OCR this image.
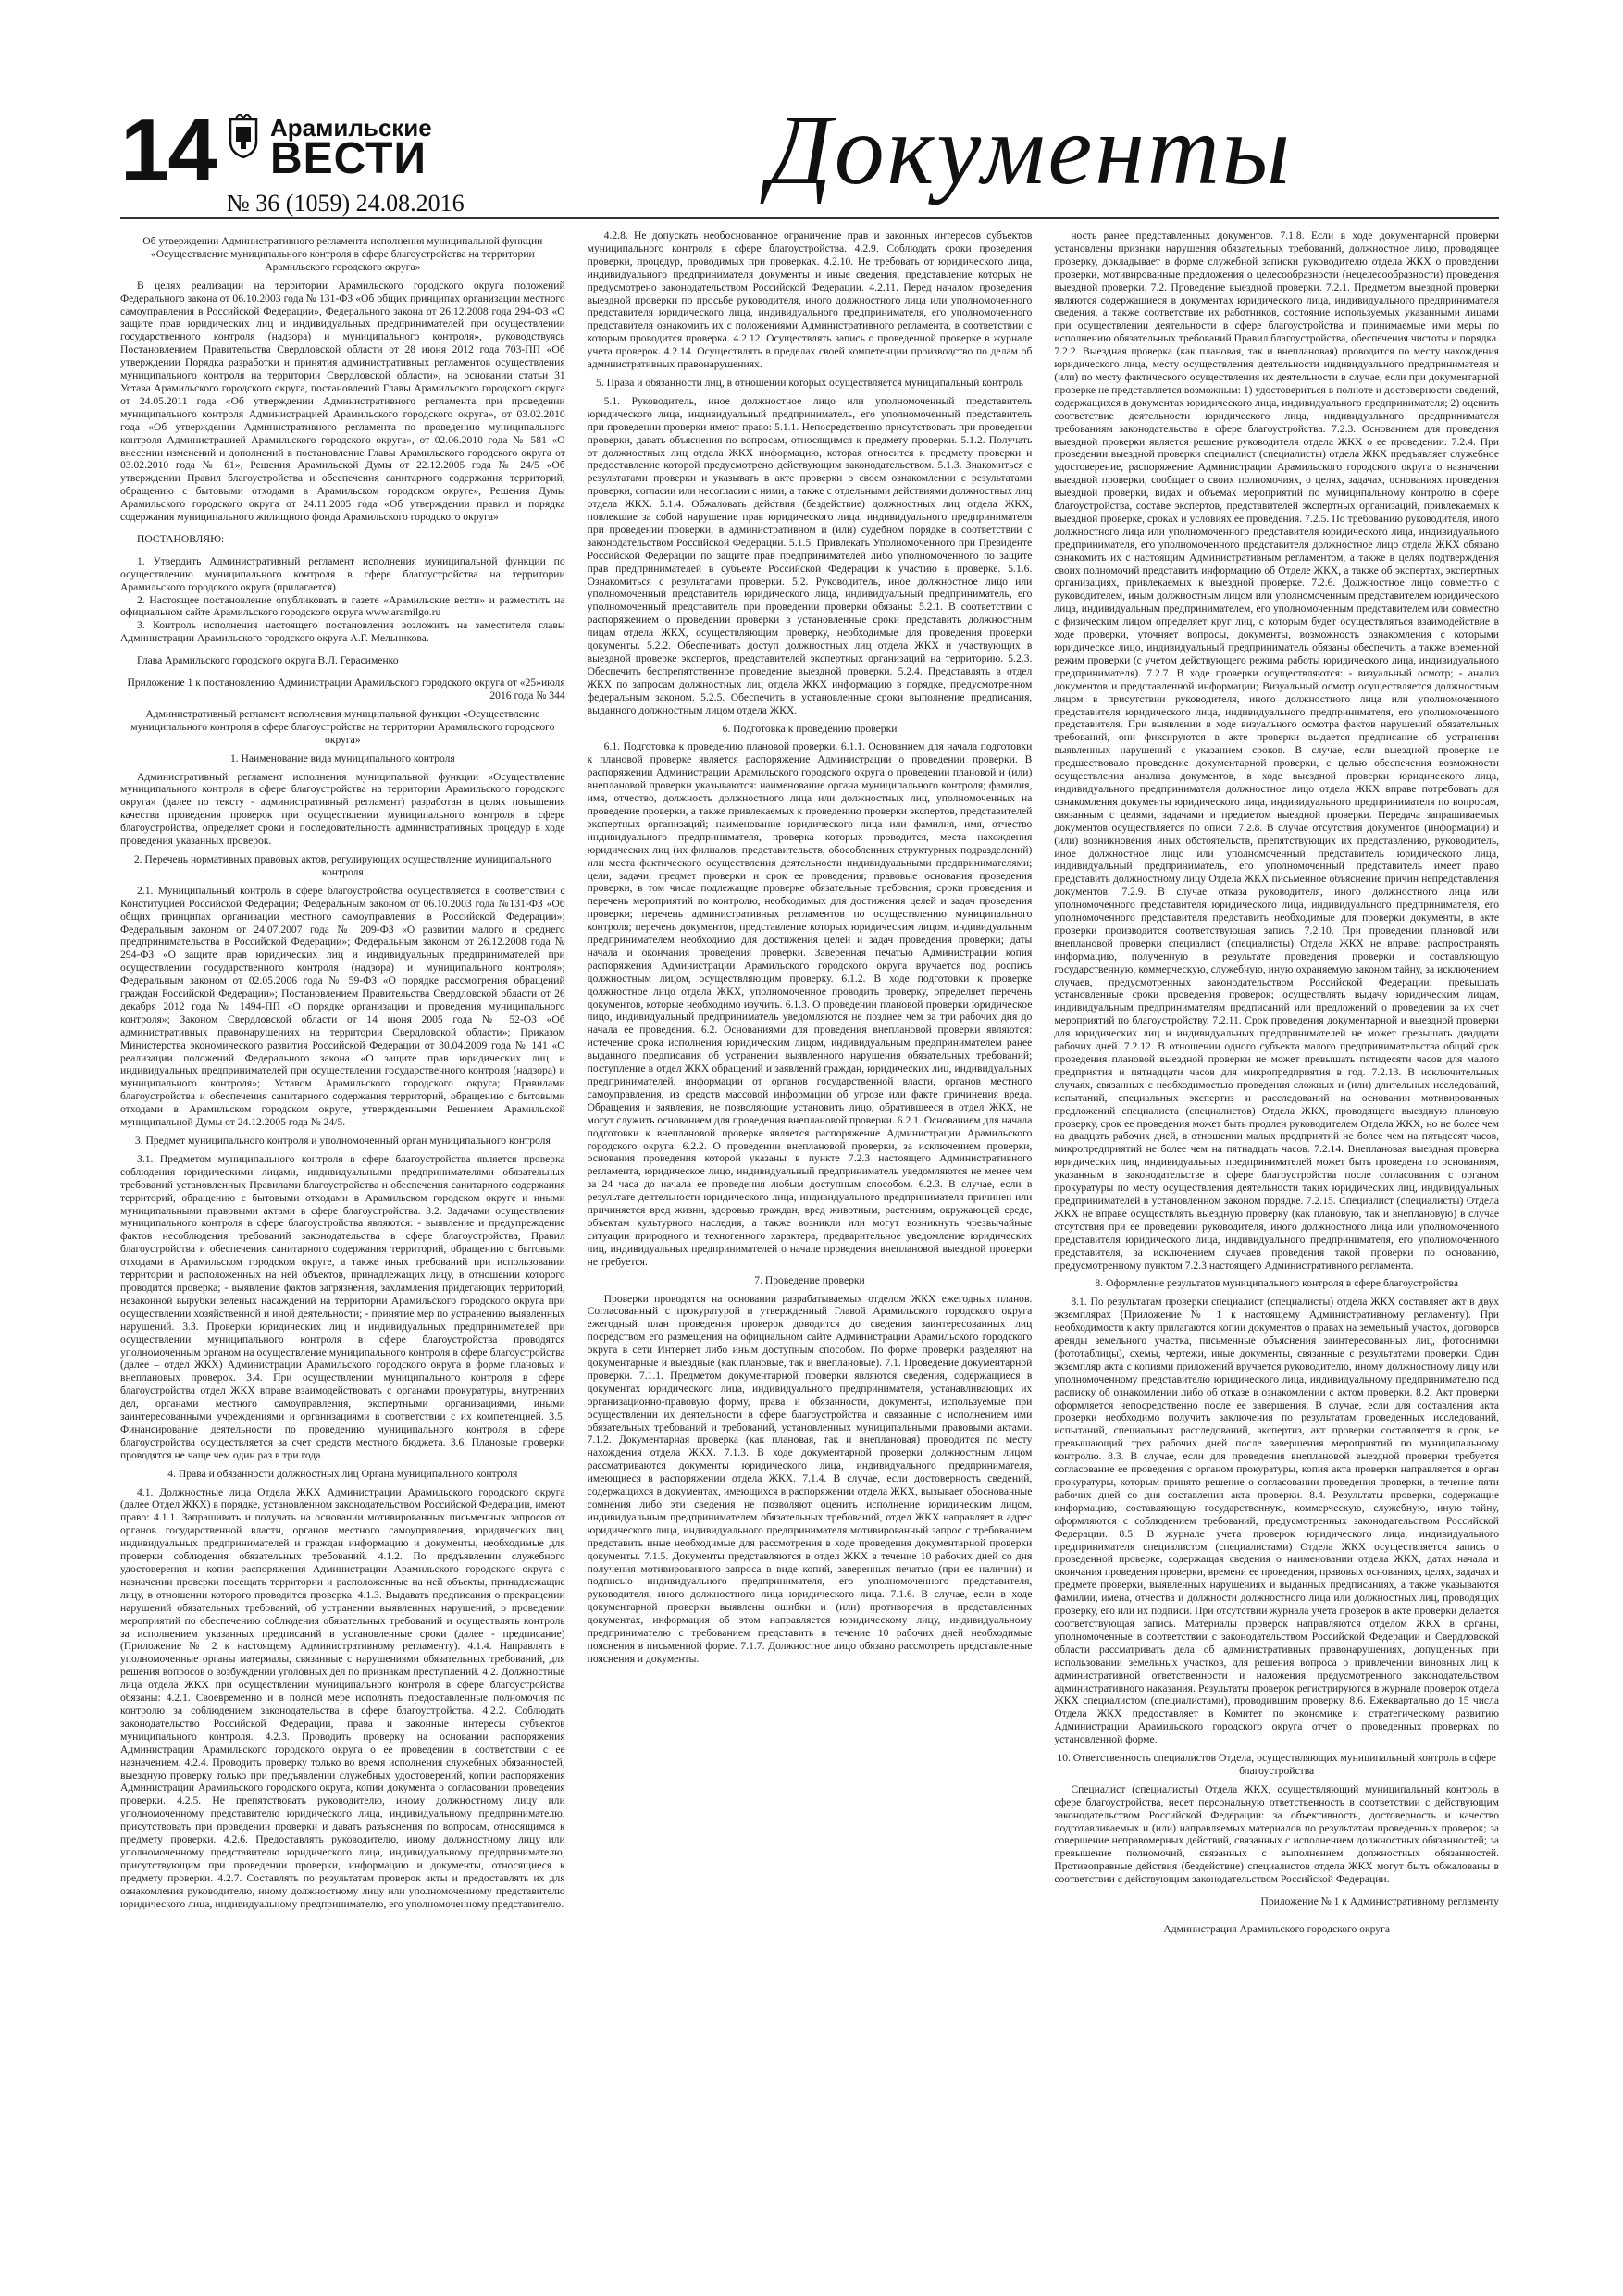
14 Арамильские
ВЕСТИ
№ 36 (1059) 24.08.2016	Документы

Об утверждении Административного регламента исполнения муниципальной функции «Осуществление муниципального контроля в сфере благоустройства на территории Арамильского городского округа»

В целях реализации на территории Арамильского городского округа положений Федерального закона от 06.10.2003 года № 131-ФЗ «Об общих принципах организации местного самоуправления в Российской Федерации», Федерального закона от 26.12.2008 года 294-ФЗ «О защите прав юридических лиц и индивидуальных предпринимателей при осуществлении государственного контроля (надзора) и муниципального контроля», руководствуясь Постановлением Правительства Свердловской области от 28 июня 2012 года 703-ПП «Об утверждении Порядка разработки и принятия административных регламентов осуществления муниципального контроля на территории Свердловской области», на основании статьи 31 Устава Арамильского городского округа, постановлений Главы Арамильского городского округа от 24.05.2011 года «Об утверждении Административного регламента при проведении муниципального контроля Администрацией Арамильского городского округа», от 03.02.2010 года «Об утверждении Административного регламента по проведению муниципального контроля Администрацией Арамильского городского округа», от 02.06.2010 года № 581 «О внесении изменений и дополнений в постановление Главы Арамильского городского округа от 03.02.2010 года № 61», Решения Арамильской Думы от 22.12.2005 года № 24/5 «Об утверждении Правил благоустройства и обеспечения санитарного содержания территорий, обращению с бытовыми отходами в Арамильском городском округе», Решения Думы Арамильского городского округа от 24.11.2005 года «Об утверждении правил и порядка содержания муниципального жилищного фонда Арамильского городского округа»

ПОСТАНОВЛЯЮ:

1. Утвердить Административный регламент исполнения муниципальной функции по осуществлению муниципального контроля в сфере благоустройства на территории Арамильского городского округа (прилагается).

2. Настоящее постановление опубликовать в газете «Арамильские вести» и разместить на официальном сайте Арамильского городского округа www.aramilgo.ru

3. Контроль исполнения настоящего постановления возложить на заместителя главы Администрации Арамильского городского округа А.Г. Мельникова.

Глава Арамильского городского округа В.Л. Герасименко

Приложение 1 к постановлению Администрации Арамильского городского округа от «25»июля 2016 года № 344

Административный регламент исполнения муниципальной функции «Осуществление муниципального контроля в сфере благоустройства на территории Арамильского городского округа»

1. Наименование вида муниципального контроля

Административный регламент исполнения муниципальной функции «Осуществление муниципального контроля в сфере благоустройства на территории Арамильского городского округа» (далее по тексту - административный регламент) разработан в целях повышения качества проведения проверок при осуществлении муниципального контроля в сфере благоустройства, определяет сроки и последовательность административных процедур в ходе проведения указанных проверок.

2. Перечень нормативных правовых актов, регулирующих осуществление муниципального контроля

2.1. Муниципальный контроль в сфере благоустройства осуществляется в соответствии с Конституцией Российской Федерации; Федеральным законом от 06.10.2003 года №131-ФЗ «Об общих принципах организации местного самоуправления в Российской Федерации»; Федеральным законом от 24.07.2007 года № 209-ФЗ «О развитии малого и среднего предпринимательства в Российской Федерации»; Федеральным законом от 26.12.2008 года № 294-ФЗ «О защите прав юридических лиц и индивидуальных предпринимателей при осуществлении государственного контроля (надзора) и муниципального контроля»; Федеральным законом от 02.05.2006 года № 59-ФЗ «О порядке рассмотрения обращений граждан Российской Федерации»; Постановлением Правительства Свердловской области от 26 декабря 2012 года № 1494-ПП «О порядке организации и проведения муниципального контроля»; Законом Свердловской области от 14 июня 2005 года № 52-ОЗ «Об административных правонарушениях на территории Свердловской области»; Приказом Министерства экономического развития Российской Федерации от 30.04.2009 года № 141 «О реализации положений Федерального закона «О защите прав юридических лиц и индивидуальных предпринимателей при осуществлении государственного контроля (надзора) и муниципального контроля»; Уставом Арамильского городского округа; Правилами благоустройства и обеспечения санитарного содержания территорий, обращению с бытовыми отходами в Арамильском городском округе, утвержденными Решением Арамильской муниципальной Думы от 24.12.2005 года № 24/5.

3. Предмет муниципального контроля и уполномоченный орган муниципального контроля

3.1. Предметом муниципального контроля в сфере благоустройства является проверка соблюдения юридическими лицами, индивидуальными предпринимателями обязательных требований установленных Правилами благоустройства и обеспечения санитарного содержания территорий, обращению с бытовыми отходами в Арамильском городском округе и иными муниципальными правовыми актами в сфере благоустройства. 3.2. Задачами осуществления муниципального контроля в сфере благоустройства являются: - выявление и предупреждение фактов несоблюдения требований законодательства в сфере благоустройства, Правил благоустройства и обеспечения санитарного содержания территорий, обращению с бытовыми отходами в Арамильском городском округе, а также иных требований при использовании территории и расположенных на ней объектов, принадлежащих лицу, в отношении которого проводится проверка; - выявление фактов загрязнения, захламления придегающих территорий, незаконной вырубки зеленых насаждений на территории Арамильского городского округа при осуществлении хозяйственной и иной деятельности; - принятие мер по устранению выявленных нарушений. 3.3. Проверки юридических лиц и индивидуальных предпринимателей при осуществлении муниципального контроля в сфере благоустройства проводятся уполномоченным органом на осуществление муниципального контроля в сфере благоустройства (далее – отдел ЖКХ) Администрации Арамильского городского округа в форме плановых и внеплановых проверок. 3.4. При осуществлении муниципального контроля в сфере благоустройства отдел ЖКХ вправе взаимодействовать с органами прокуратуры, внутренних дел, органами местного самоуправления, экспертными организациями, иными заинтересованными учреждениями и организациями в соответствии с их компетенцией. 3.5. Финансирование деятельности по проведению муниципального контроля в сфере благоустройства осуществляется за счет средств местного бюджета. 3.6. Плановые проверки проводятся не чаще чем один раз в три года.

4. Права и обязанности должностных лиц Органа муниципального контроля

4.1. Должностные лица Отдела ЖКХ Администрации Арамильского городского округа (далее Отдел ЖКХ) в порядке, установленном законодательством Российской Федерации, имеют право: 4.1.1. Запрашивать и получать на основании мотивированных письменных запросов от органов государственной власти, органов местного самоуправления, юридических лиц, индивидуальных предпринимателей и граждан информацию и документы, необходимые для проверки соблюдения обязательных требований. 4.1.2. По предъявлении служебного удостоверения и копии распоряжения Администрации Арамильского городского округа о назначении проверки посещать территории и расположенные на ней объекты, принадлежащие лицу, в отношении которого проводится проверка. 4.1.3. Выдавать предписания о прекращении нарушений обязательных требований, об устранении выявленных нарушений, о проведении мероприятий по обеспечению соблюдения обязательных требований и осуществлять контроль за исполнением указанных предписаний в установленные сроки (далее - предписание) (Приложение № 2 к настоящему Административному регламенту). 4.1.4. Направлять в уполномоченные органы материалы, связанные с нарушениями обязательных требований, для решения вопросов о возбуждении уголовных дел по признакам преступлений. 4.2. Должностные лица отдела ЖКХ при осуществлении муниципального контроля в сфере благоустройства обязаны: 4.2.1. Своевременно и в полной мере исполнять предоставленные полномочия по контролю за соблюдением законодательства в сфере благоустройства. 4.2.2. Соблюдать законодательство Российской Федерации, права и законные интересы субъектов муниципального контроля. 4.2.3. Проводить проверку на основании распоряжения Администрации Арамильского городского округа о ее проведении в соответствии с ее назначением. 4.2.4. Проводить проверку только во время исполнения служебных обязанностей, выездную проверку только при предъявлении служебных удостоверений, копии распоряжения Администрации Арамильского городского округа, копии документа о согласовании проведения проверки. 4.2.5. Не препятствовать руководителю, иному должностному лицу или уполномоченному представителю юридического лица, индивидуальному предпринимателю, присутствовать при проведении проверки и давать разъяснения по вопросам, относящимся к предмету проверки. 4.2.6. Предоставлять руководителю, иному должностному лицу или уполномоченному представителю юридического лица, индивидуальному предпринимателю, присутствующим при проведении проверки, информацию и документы, относящиеся к предмету проверки. 4.2.7. Составлять по результатам проверок акты и предоставлять их для ознакомления руководителю, иному должностному лицу или уполномоченному представителю юридического лица, индивидуальному предпринимателю, его уполномоченному представителю.

4.2.8. Не допускать необоснованное ограничение прав и законных интересов субъектов муниципального контроля в сфере благоустройства. 4.2.9. Соблюдать сроки проведения проверки, процедур, проводимых при проверках. 4.2.10. Не требовать от юридического лица, индивидуального предпринимателя документы и иные сведения, представление которых не предусмотрено законодательством Российской Федерации. 4.2.11. Перед началом проведения выездной проверки по просьбе руководителя, иного должностного лица или уполномоченного представителя юридического лица, индивидуального предпринимателя, его уполномоченного представителя ознакомить их с положениями Административного регламента, в соответствии с которым проводится проверка. 4.2.12. Осуществлять запись о проведенной проверке в журнале учета проверок. 4.2.14. Осуществлять в пределах своей компетенции производство по делам об административных правонарушениях.

5. Права и обязанности лиц, в отношении которых осуществляется муниципальный контроль

5.1. Руководитель, иное должностное лицо или уполномоченный представитель юридического лица, индивидуальный предприниматель, его уполномоченный представитель при проведении проверки имеют право: 5.1.1. Непосредственно присутствовать при проведении проверки, давать объяснения по вопросам, относящимся к предмету проверки. 5.1.2. Получать от должностных лиц отдела ЖКХ информацию, которая относится к предмету проверки и предоставление которой предусмотрено действующим законодательством. 5.1.3. Знакомиться с результатами проверки и указывать в акте проверки о своем ознакомлении с результатами проверки, согласии или несогласии с ними, а также с отдельными действиями должностных лиц отдела ЖКХ. 5.1.4. Обжаловать действия (бездействие) должностных лиц отдела ЖКХ, повлекшие за собой нарушение прав юридического лица, индивидуального предпринимателя при проведении проверки, в административном и (или) судебном порядке в соответствии с законодательством Российской Федерации. 5.1.5. Привлекать Уполномоченного при Президенте Российской Федерации по защите прав предпринимателей либо уполномоченного по защите прав предпринимателей в субъекте Российской Федерации к участию в проверке. 5.1.6. Ознакомиться с результатами проверки. 5.2. Руководитель, иное должностное лицо или уполномоченный представитель юридического лица, индивидуальный предприниматель, его уполномоченный представитель при проведении проверки обязаны: 5.2.1. В соответствии с распоряжением о проведении проверки в установленные сроки представить должностным лицам отдела ЖКХ, осуществляющим проверку, необходимые для проведения проверки документы. 5.2.2. Обеспечивать доступ должностных лиц отдела ЖКХ и участвующих в выездной проверке экспертов, представителей экспертных организаций на территорию. 5.2.3. Обеспечить беспрепятственное проведение выездной проверки. 5.2.4. Представлять в отдел ЖКХ по запросам должностных лиц отдела ЖКХ информацию в порядке, предусмотренном федеральным законом. 5.2.5. Обеспечить в установленные сроки выполнение предписания, выданного должностным лицом отдела ЖКХ.

6. Подготовка к проведению проверки

6.1. Подготовка к проведению плановой проверки. 6.1.1. Основанием для начала подготовки к плановой проверке является распоряжение Администрации о проведении проверки. В распоряжении Администрации Арамильского городского округа о проведении плановой и (или) внеплановой проверки указываются: наименование органа муниципального контроля; фамилия, имя, отчество, должность должностного лица или должностных лиц, уполномоченных на проведение проверки, а также привлекаемых к проведению проверки экспертов, представителей экспертных организаций; наименование юридического лица или фамилия, имя, отчество индивидуального предпринимателя, проверка которых проводится, места нахождения юридических лиц (их филиалов, представительств, обособленных структурных подразделений) или места фактического осуществления деятельности индивидуальными предпринимателями; цели, задачи, предмет проверки и срок ее проведения; правовые основания проведения проверки, в том числе подлежащие проверке обязательные требования; сроки проведения и перечень мероприятий по контролю, необходимых для достижения целей и задач проведения проверки; перечень административных регламентов по осуществлению муниципального контроля; перечень документов, представление которых юридическим лицом, индивидуальным предпринимателем необходимо для достижения целей и задач проведения проверки; даты начала и окончания проведения проверки. Заверенная печатью Администрации копия распоряжения Администрации Арамильского городского округа вручается под роспись должностным лицом, осуществляющим проверку. 6.1.2. В ходе подготовки к проверке должностное лицо отдела ЖКХ, уполномоченное проводить проверку, определяет перечень документов, которые необходимо изучить. 6.1.3. О проведении плановой проверки юридическое лицо, индивидуальный предприниматель уведомляются не позднее чем за три рабочих дня до начала ее проведения. 6.2. Основаниями для проведения внеплановой проверки являются: истечение срока исполнения юридическим лицом, индивидуальным предпринимателем ранее выданного предписания об устранении выявленного нарушения обязательных требований; поступление в отдел ЖКХ обращений и заявлений граждан, юридических лиц, индивидуальных предпринимателей, информации от органов государственной власти, органов местного самоуправления, из средств массовой информации об угрозе или факте причинения вреда. Обращения и заявления, не позволяющие установить лицо, обратившееся в отдел ЖКХ, не могут служить основанием для проведения внеплановой проверки. 6.2.1. Основанием для начала подготовки к внеплановой проверке является распоряжение Администрации Арамильского городского округа. 6.2.2. О проведении внеплановой проверки, за исключением проверки, основания проведения которой указаны в пункте 7.2.3 настоящего Административного регламента, юридическое лицо, индивидуальный предприниматель уведомляются не менее чем за 24 часа до начала ее проведения любым доступным способом. 6.2.3. В случае, если в результате деятельности юридического лица, индивидуального предпринимателя причинен или причиняется вред жизни, здоровью граждан, вред животным, растениям, окружающей среде, объектам культурного наследия, а также возникли или могут возникнуть чрезвычайные ситуации природного и техногенного характера, предварительное уведомление юридических лиц, индивидуальных предпринимателей о начале проведения внеплановой выездной проверки не требуется.

7. Проведение проверки

Проверки проводятся на основании разрабатываемых отделом ЖКХ ежегодных планов. Согласованный с прокуратурой и утвержденный Главой Арамильского городского округа ежегодный план проведения проверок доводится до сведения заинтересованных лиц посредством его размещения на официальном сайте Администрации Арамильского городского округа в сети Интернет либо иным доступным способом. По форме проверки разделяют на документарные и выездные (как плановые, так и внеплановые). 7.1. Проведение документарной проверки. 7.1.1. Предметом документарной проверки являются сведения, содержащиеся в документах юридического лица, индивидуального предпринимателя, устанавливающих их организационно-правовую форму, права и обязанности, документы, используемые при осуществлении их деятельности в сфере благоустройства и связанные с исполнением ими обязательных требований и требований, установленных муниципальными правовыми актами. 7.1.2. Документарная проверка (как плановая, так и внеплановая) проводится по месту нахождения отдела ЖКХ. 7.1.3. В ходе документарной проверки должностным лицом рассматриваются документы юридического лица, индивидуального предпринимателя, имеющиеся в распоряжении отдела ЖКХ. 7.1.4. В случае, если достоверность сведений, содержащихся в документах, имеющихся в распоряжении отдела ЖКХ, вызывает обоснованные сомнения либо эти сведения не позволяют оценить исполнение юридическим лицом, индивидуальным предпринимателем обязательных требований, отдел ЖКХ направляет в адрес юридического лица, индивидуального предпринимателя мотивированный запрос с требованием представить иные необходимые для рассмотрения в ходе проведения документарной проверки документы. 7.1.5. Документы представляются в отдел ЖКХ в течение 10 рабочих дней со дня получения мотивированного запроса в виде копий, заверенных печатью (при ее наличии) и подписью индивидуального предпринимателя, его уполномоченного представителя, руководителя, иного должностного лица юридического лица. 7.1.6. В случае, если в ходе документарной проверки выявлены ошибки и (или) противоречия в представленных документах, информация об этом направляется юридическому лицу, индивидуальному предпринимателю с требованием представить в течение 10 рабочих дней необходимые пояснения в письменной форме. 7.1.7. Должностное лицо обязано рассмотреть представленные пояснения и документы.

ность ранее представленных документов. 7.1.8. Если в ходе документарной проверки установлены признаки нарушения обязательных требований, должностное лицо, проводящее проверку, докладывает в форме служебной записки руководителю отдела ЖКХ о проведении проверки, мотивированные предложения о целесообразности (нецелесообразности) проведения выездной проверки. 7.2. Проведение выездной проверки. 7.2.1. Предметом выездной проверки являются содержащиеся в документах юридического лица, индивидуального предпринимателя сведения, а также соответствие их работников, состояние используемых указанными лицами при осуществлении деятельности в сфере благоустройства и принимаемые ими меры по исполнению обязательных требований Правил благоустройства, обеспечения чистоты и порядка. 7.2.2. Выездная проверка (как плановая, так и внеплановая) проводится по месту нахождения юридического лица, месту осуществления деятельности индивидуального предпринимателя и (или) по месту фактического осуществления их деятельности в случае, если при документарной проверке не представляется возможным: 1) удостовериться в полноте и достоверности сведений, содержащихся в документах юридического лица, индивидуального предпринимателя; 2) оценить соответствие деятельности юридического лица, индивидуального предпринимателя требованиям законодательства в сфере благоустройства. 7.2.3. Основанием для проведения выездной проверки является решение руководителя отдела ЖКХ о ее проведении. 7.2.4. При проведении выездной проверки специалист (специалисты) отдела ЖКХ предъявляет служебное удостоверение, распоряжение Администрации Арамильского городского округа о назначении выездной проверки, сообщает о своих полномочиях, о целях, задачах, основаниях проведения выездной проверки, видах и объемах мероприятий по муниципальному контролю в сфере благоустройства, составе экспертов, представителей экспертных организаций, привлекаемых к выездной проверке, сроках и условиях ее проведения. 7.2.5. По требованию руководителя, иного должностного лица или уполномоченного представителя юридического лица, индивидуального предпринимателя, его уполномоченного представителя должностное лицо отдела ЖКХ обязано ознакомить их с настоящим Административным регламентом, а также в целях подтверждения своих полномочий представить информацию об Отделе ЖКХ, а также об экспертах, экспертных организациях, привлекаемых к выездной проверке. 7.2.6. Должностное лицо совместно с руководителем, иным должностным лицом или уполномоченным представителем юридического лица, индивидуальным предпринимателем, его уполномоченным представителем или совместно с физическим лицом определяет круг лиц, с которым будет осуществляться взаимодействие в ходе проверки, уточняет вопросы, документы, возможность ознакомления с которыми юридическое лицо, индивидуальный предприниматель обязаны обеспечить, а также временной режим проверки (с учетом действующего режима работы юридического лица, индивидуального предпринимателя). 7.2.7. В ходе проверки осуществляются: - визуальный осмотр; - анализ документов и представленной информации; Визуальный осмотр осуществляется должностным лицом в присутствии руководителя, иного должностного лица или уполномоченного представителя юридического лица, индивидуального предпринимателя, его уполномоченного представителя. При выявлении в ходе визуального осмотра фактов нарушений обязательных требований, они фиксируются в акте проверки выдается предписание об устранении выявленных нарушений с указанием сроков. В случае, если выездной проверке не предшествовало проведение документарной проверки, с целью обеспечения возможности осуществления анализа документов, в ходе выездной проверки юридического лица, индивидуального предпринимателя должностное лицо отдела ЖКХ вправе потребовать для ознакомления документы юридического лица, индивидуального предпринимателя по вопросам, связанным с целями, задачами и предметом выездной проверки. Передача запрашиваемых документов осуществляется по описи. 7.2.8. В случае отсутствия документов (информации) и (или) возникновения иных обстоятельств, препятствующих их представлению, руководитель, иное должностное лицо или уполномоченный представитель юридического лица, индивидуальный предприниматель, его уполномоченный представитель имеет право представить должностному лицу Отдела ЖКХ письменное объяснение причин непредставления документов. 7.2.9. В случае отказа руководителя, иного должностного лица или уполномоченного представителя юридического лица, индивидуального предпринимателя, его уполномоченного представителя представить необходимые для проверки документы, в акте проверки производится соответствующая запись. 7.2.10. При проведении плановой или внеплановой проверки специалист (специалисты) Отдела ЖКХ не вправе: распространять информацию, полученную в результате проведения проверки и составляющую государственную, коммерческую, служебную, иную охраняемую законом тайну, за исключением случаев, предусмотренных законодательством Российской Федерации; превышать установленные сроки проведения проверок; осуществлять выдачу юридическим лицам, индивидуальным предпринимателям предписаний или предложений о проведении за их счет мероприятий по благоустройству. 7.2.11. Срок проведения документарной и выездной проверки для юридических лиц и индивидуальных предпринимателей не может превышать двадцати рабочих дней. 7.2.12. В отношении одного субъекта малого предпринимательства общий срок проведения плановой выездной проверки не может превышать пятидесяти часов для малого предприятия и пятнадцати часов для микропредприятия в год. 7.2.13. В исключительных случаях, связанных с необходимостью проведения сложных и (или) длительных исследований, испытаний, специальных экспертиз и расследований на основании мотивированных предложений специалиста (специалистов) Отдела ЖКХ, проводящего выездную плановую проверку, срок ее проведения может быть продлен руководителем Отдела ЖКХ, но не более чем на двадцать рабочих дней, в отношении малых предприятий не более чем на пятьдесят часов, микропредприятий не более чем на пятнадцать часов. 7.2.14. Внеплановая выездная проверка юридических лиц, индивидуальных предпринимателей может быть проведена по основаниям, указанным в законодательстве в сфере благоустройства после согласования с органом прокуратуры по месту осуществления деятельности таких юридических лиц, индивидуальных предпринимателей в установленном законом порядке. 7.2.15. Специалист (специалисты) Отдела ЖКХ не вправе осуществлять выездную проверку (как плановую, так и внеплановую) в случае отсутствия при ее проведении руководителя, иного должностного лица или уполномоченного представителя юридического лица, индивидуального предпринимателя, его уполномоченного представителя, за исключением случаев проведения такой проверки по основанию, предусмотренному пунктом 7.2.3 настоящего Административного регламента.

8. Оформление результатов муниципального контроля в сфере благоустройства

8.1. По результатам проверки специалист (специалисты) отдела ЖКХ составляет акт в двух экземплярах (Приложение № 1 к настоящему Административному регламенту). При необходимости к акту прилагаются копии документов о правах на земельный участок, договоров аренды земельного участка, письменные объяснения заинтересованных лиц, фотоснимки (фототаблицы), схемы, чертежи, иные документы, связанные с результатами проверки. Один экземпляр акта с копиями приложений вручается руководителю, иному должностному лицу или уполномоченному представителю юридического лица, индивидуальному предпринимателю под расписку об ознакомлении либо об отказе в ознакомлении с актом проверки. 8.2. Акт проверки оформляется непосредственно после ее завершения. В случае, если для составления акта проверки необходимо получить заключения по результатам проведенных исследований, испытаний, специальных расследований, экспертиз, акт проверки составляется в срок, не превышающий трех рабочих дней после завершения мероприятий по муниципальному контролю. 8.3. В случае, если для проведения внеплановой выездной проверки требуется согласование ее проведения с органом прокуратуры, копия акта проверки направляется в орган прокуратуры, которым принято решение о согласовании проведения проверки, в течение пяти рабочих дней со дня составления акта проверки. 8.4. Результаты проверки, содержащие информацию, составляющую государственную, коммерческую, служебную, иную тайну, оформляются с соблюдением требований, предусмотренных законодательством Российской Федерации. 8.5. В журнале учета проверок юридического лица, индивидуального предпринимателя специалистом (специалистами) Отдела ЖКХ осуществляется запись о проведенной проверке, содержащая сведения о наименовании отдела ЖКХ, датах начала и окончания проведения проверки, времени ее проведения, правовых основаниях, целях, задачах и предмете проверки, выявленных нарушениях и выданных предписаниях, а также указываются фамилии, имена, отчества и должности должностного лица или должностных лиц, проводящих проверку, его или их подписи. При отсутствии журнала учета проверок в акте проверки делается соответствующая запись. Материалы проверок направляются отделом ЖКХ в органы, уполномоченные в соответствии с законодательством Российской Федерации и Свердловской области рассматривать дела об административных правонарушениях, допущенных при использовании земельных участков, для решения вопроса о привлечении виновных лиц к административной ответственности и наложения предусмотренного законодательством административного наказания. Результаты проверок регистрируются в журнале проверок отдела ЖКХ специалистом (специалистами), проводившим проверку. 8.6. Ежеквартально до 15 числа Отдела ЖКХ предоставляет в Комитет по экономике и стратегическому развитию Администрации Арамильского городского округа отчет о проведенных проверках по установленной форме.

10. Ответственность специалистов Отдела, осуществляющих муниципальный контроль в сфере благоустройства

Специалист (специалисты) Отдела ЖКХ, осуществляющий муниципальный контроль в сфере благоустройства, несет персональную ответственность в соответствии с действующим законодательством Российской Федерации: за объективность, достоверность и качество подготавливаемых и (или) направляемых материалов по результатам проведенных проверок; за совершение неправомерных действий, связанных с исполнением должностных обязанностей; за превышение полномочий, связанных с выполнением должностных обязанностей. Противоправные действия (бездействие) специалистов отдела ЖКХ могут быть обжалованы в соответствии с действующим законодательством Российской Федерации.

Приложение № 1 к Административному регламенту

Администрация Арамильского городского округа
